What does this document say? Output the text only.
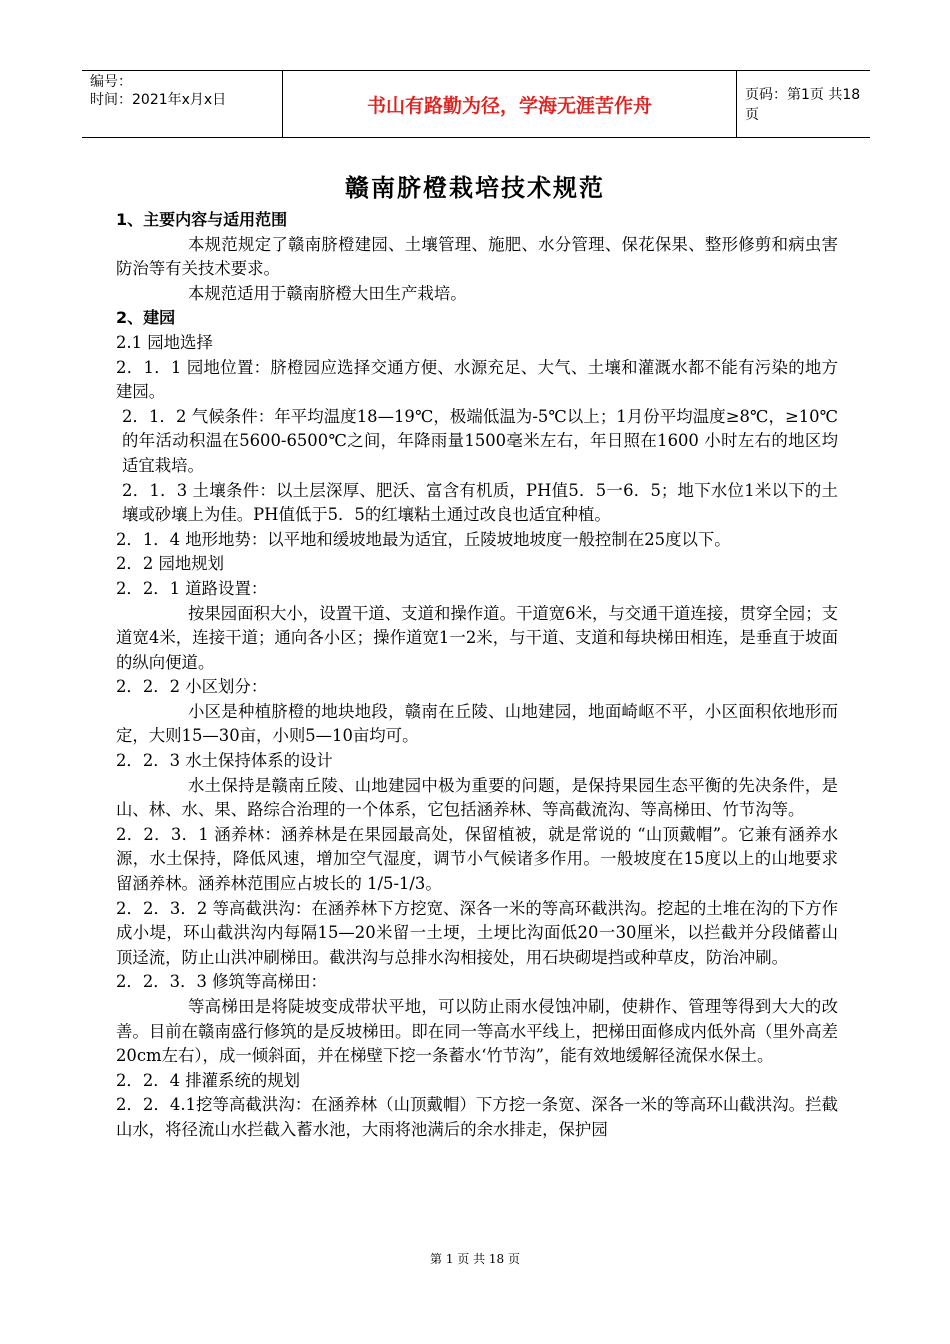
编号：
时间：2021年x月x日	书山有路勤为径，学海无涯苦作舟	页码：第1页 共18页
赣南脐橙栽培技术规范

1、主要内容与适用范围

本规范规定了赣南脐橙建园、土壤管理、施肥、水分管理、保花保果、整形修剪和病虫害防治等有关技术要求。

本规范适用于赣南脐橙大田生产栽培。

2、建园

2.1 园地选择

2．1．1 园地位置：脐橙园应选择交通方便、水源充足、大气、土壤和灌溉水都不能有污染的地方建园。

2．1．2 气候条件：年平均温度18—19℃，极端低温为-5℃以上；1月份平均温度≥8℃，≥10℃的年活动积温在5600-6500℃之间，年降雨量1500毫米左右，年日照在1600 小时左右的地区均适宜栽培。

2．1．3 土壤条件：以土层深厚、肥沃、富含有机质，PH值5．5一6．5；地下水位1米以下的土壤或砂壤上为佳。PH值低于5．5的红壤粘土通过改良也适宜种植。

2．1．4 地形地势：以平地和缓坡地最为适宜，丘陵坡地坡度一般控制在25度以下。

2．2 园地规划

2．2．1 道路设置：

按果园面积大小，设置干道、支道和操作道。干道宽6米，与交通干道连接，贯穿全园；支道宽4米，连接干道；通向各小区；操作道宽1一2米，与干道、支道和每块梯田相连，是垂直于坡面的纵向便道。

2．2．2 小区划分：

小区是种植脐橙的地块地段，赣南在丘陵、山地建园，地面崎岖不平，小区面积依地形而定，大则15—30亩，小则5—10亩均可。

2．2．3 水土保持体系的设计

水土保持是赣南丘陵、山地建园中极为重要的问题，是保持果园生态平衡的先决条件，是山、林、水、果、路综合治理的一个体系，它包括涵养林、等高截流沟、等高梯田、竹节沟等。

2．2．3．1 涵养林：涵养林是在果园最高处，保留植被，就是常说的 “山顶戴帽”。它兼有涵养水源，水土保持，降低风速，增加空气湿度，调节小气候诸多作用。一般坡度在15度以上的山地要求留涵养林。涵养林范围应占坡长的 1/5-1/3。

2．2．3．2 等高截洪沟：在涵养林下方挖宽、深各一米的等高环截洪沟。挖起的土堆在沟的下方作成小堤，环山截洪沟内每隔15—20米留一土埂，土埂比沟面低20一30厘米，以拦截并分段储蓄山顶迳流，防止山洪冲刷梯田。截洪沟与总排水沟相接处，用石块砌堤挡或种草皮，防治冲刷。

2．2．3．3 修筑等高梯田：

等高梯田是将陡坡变成带状平地，可以防止雨水侵蚀冲刷，使耕作、管理等得到大大的改善。目前在赣南盛行修筑的是反坡梯田。即在同一等高水平线上，把梯田面修成内低外高（里外高差20cm左右），成一倾斜面，并在梯壁下挖一条蓄水‘竹节沟”，能有效地缓解径流保水保土。

2．2．4 排灌系统的规划

2．2．4.1挖等高截洪沟：在涵养林（山顶戴帽）下方挖一条宽、深各一米的等高环山截洪沟。拦截山水，将径流山水拦截入蓄水池，大雨将池满后的余水排走，保护园

第 1 页 共 18 页
